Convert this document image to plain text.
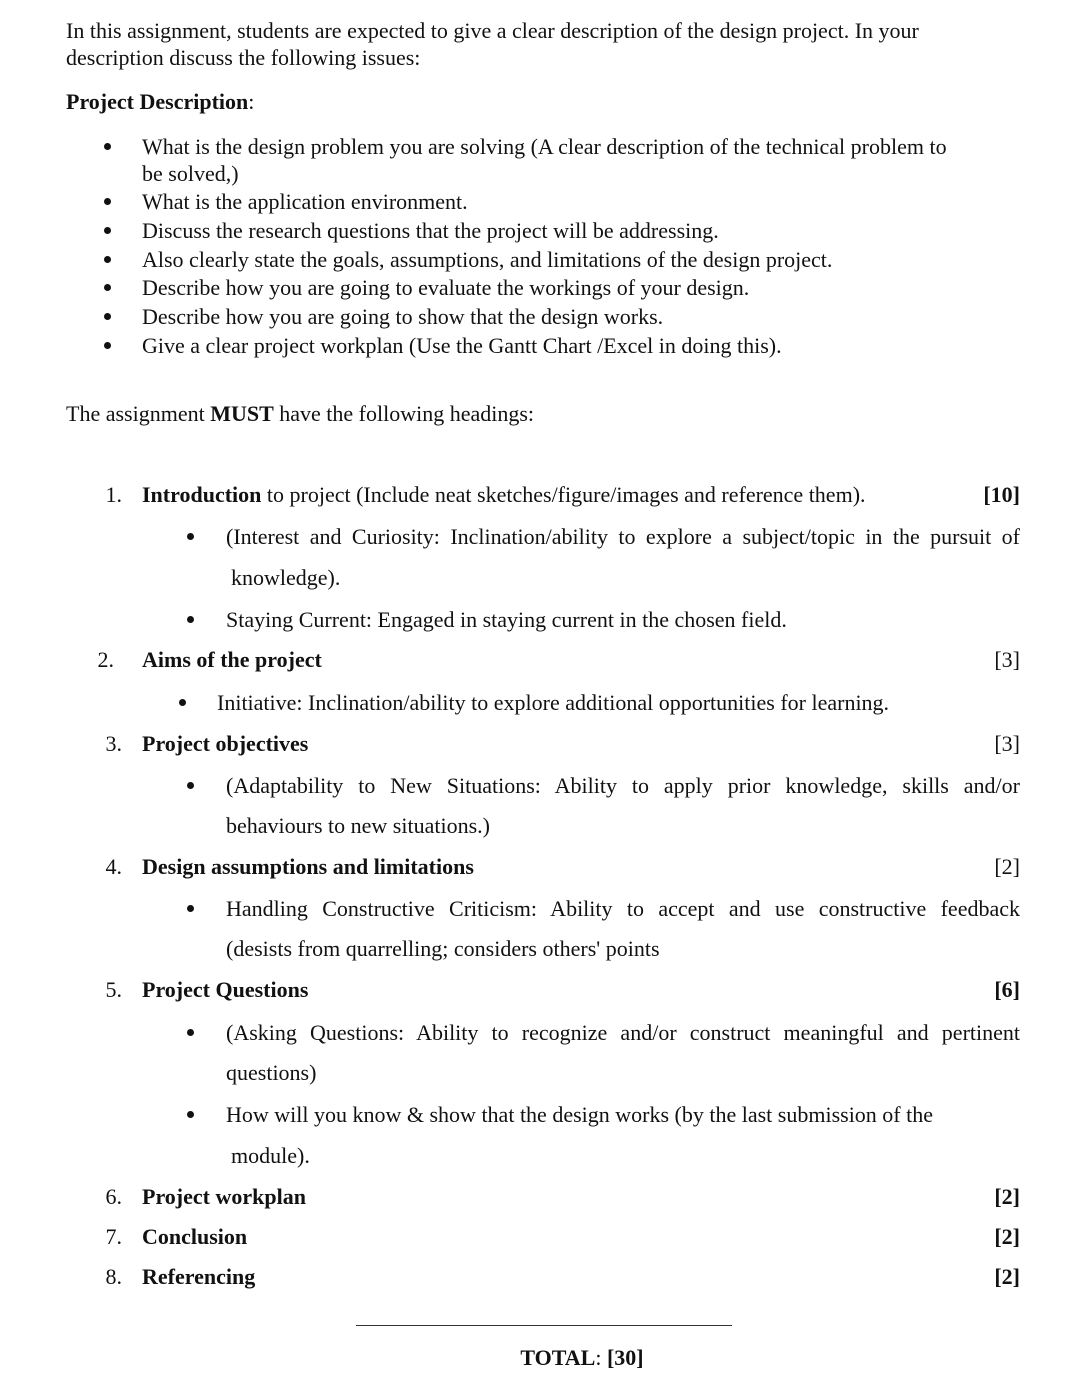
In this assignment, students are expected to give a clear description of the design project. In your
description discuss the following issues:
Project Description:
What is the design problem you are solving (A clear description of the technical problem to
be solved,)
What is the application environment.
Discuss the research questions that the project will be addressing.
Also clearly state the goals, assumptions, and limitations of the design project.
Describe how you are going to evaluate the workings of your design.
Describe how you are going to show that the design works.
Give a clear project workplan (Use the Gantt Chart /Excel in doing this).
The assignment MUST have the following headings:
1. Introduction to project (Include neat sketches/figure/images and reference them).	[10]
(Interest and Curiosity: Inclination/ability to explore a subject/topic in the pursuit of
knowledge).
Staying Current: Engaged in staying current in the chosen field.
2. Aims of the project	[3]
Initiative: Inclination/ability to explore additional opportunities for learning.
3. Project objectives	[3]
(Adaptability to New Situations: Ability to apply prior knowledge, skills and/or
behaviours to new situations.)
4. Design assumptions and limitations	[2]
Handling Constructive Criticism: Ability to accept and use constructive feedback
(desists from quarrelling; considers others' points
5. Project Questions	[6]
(Asking Questions: Ability to recognize and/or construct meaningful and pertinent
questions)
How will you know & show that the design works (by the last submission of the
module).
6. Project workplan	[2]
7. Conclusion	[2]
8. Referencing	[2]
TOTAL: [30]
